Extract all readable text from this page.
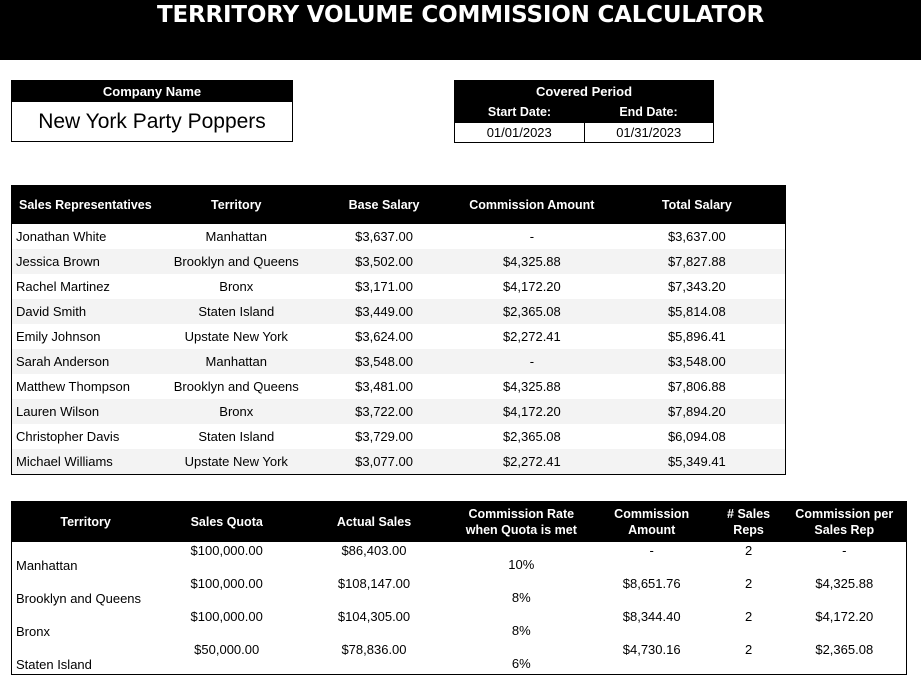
TERRITORY VOLUME COMMISSION CALCULATOR
Company Name
New York Party Poppers
Covered Period
Start Date:	End Date:
01/01/2023	01/31/2023
Sales Representatives	Territory	Base Salary	Commission Amount	Total Salary
Jonathan White	Manhattan	$3,637.00	-	$3,637.00
Jessica Brown	Brooklyn and Queens	$3,502.00	$4,325.88	$7,827.88
Rachel Martinez	Bronx	$3,171.00	$4,172.20	$7,343.20
David Smith	Staten Island	$3,449.00	$2,365.08	$5,814.08
Emily Johnson	Upstate New York	$3,624.00	$2,272.41	$5,896.41
Sarah Anderson	Manhattan	$3,548.00	-	$3,548.00
Matthew Thompson	Brooklyn and Queens	$3,481.00	$4,325.88	$7,806.88
Lauren Wilson	Bronx	$3,722.00	$4,172.20	$7,894.20
Christopher Davis	Staten Island	$3,729.00	$2,365.08	$6,094.08
Michael Williams	Upstate New York	$3,077.00	$2,272.41	$5,349.41
Territory	Sales Quota	Actual Sales	Commission Rate when Quota is met	Commission Amount	# Sales Reps	Commission per Sales Rep
Manhattan	$100,000.00	$86,403.00	10%	-	2	-
Brooklyn and Queens	$100,000.00	$108,147.00	8%	$8,651.76	2	$4,325.88
Bronx	$100,000.00	$104,305.00	8%	$8,344.40	2	$4,172.20
Staten Island	$50,000.00	$78,836.00	6%	$4,730.16	2	$2,365.08
